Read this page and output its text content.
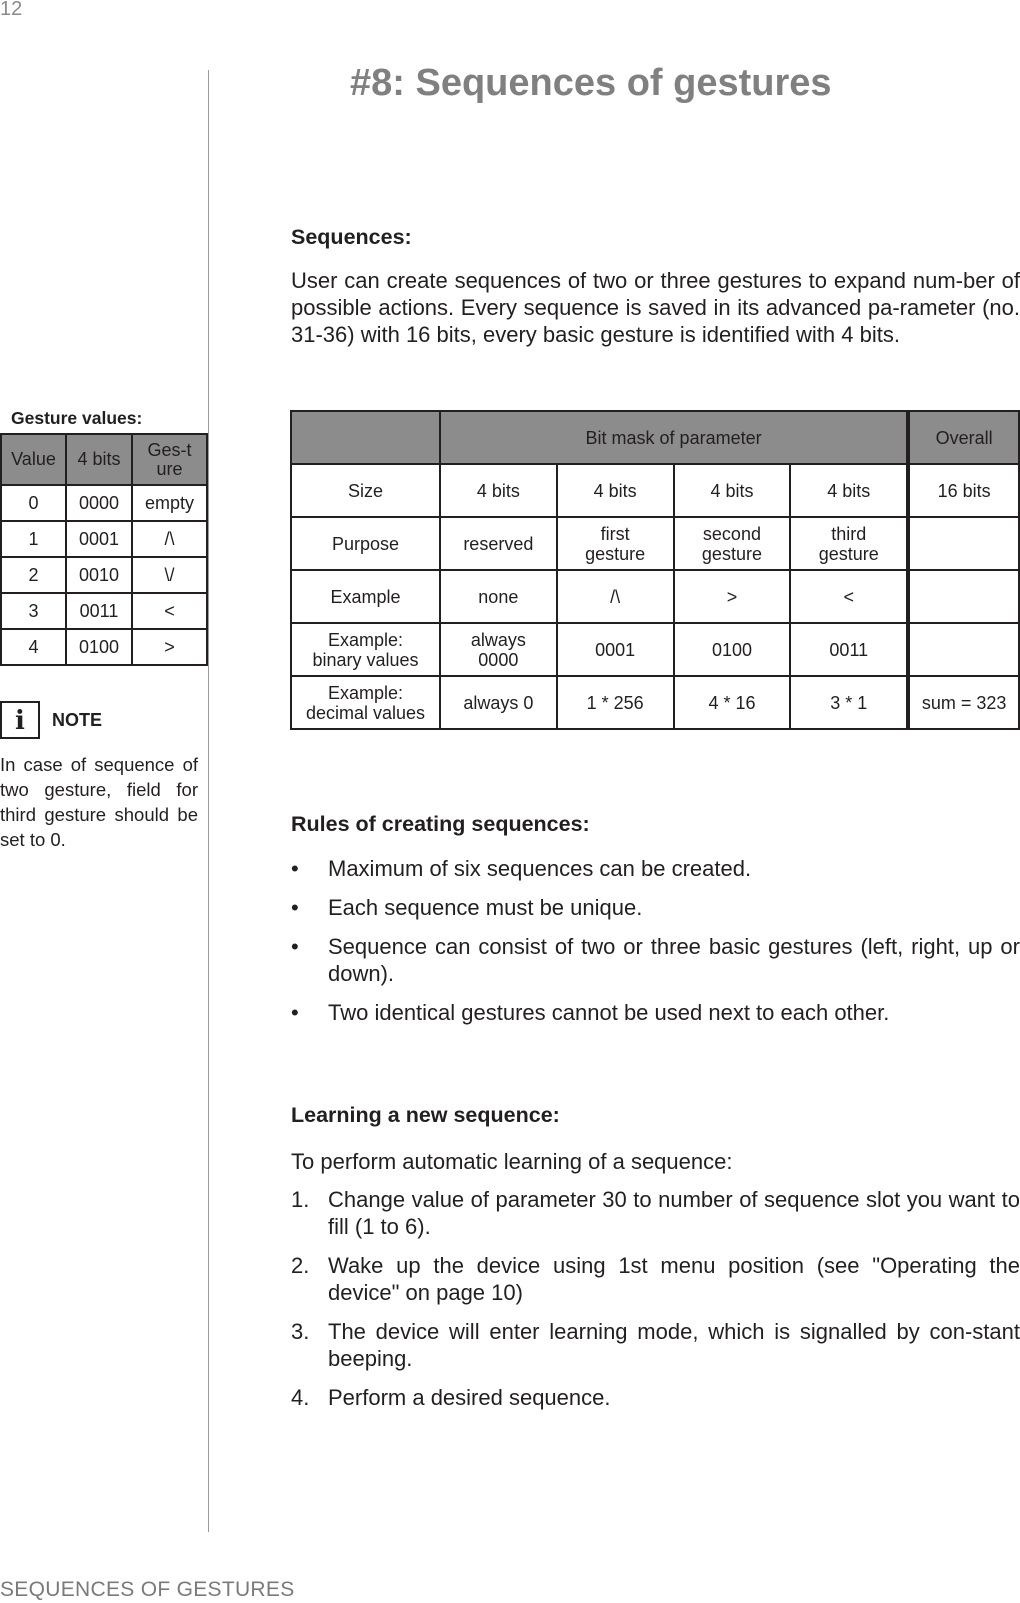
12
#8: Sequences of gestures
Gesture values:
Value	4 bits	Ges-ture
0	0000	empty
1	0001	/\
2	0010	\/
3	0011	<
4	0100	>
i	NOTE
In case of sequence of two gesture, field for third gesture should be set to 0.
Sequences:
User can create sequences of two or three gestures to expand num-ber of possible actions. Every sequence is saved in its advanced pa-rameter (no. 31-36) with 16 bits, every basic gesture is identified with 4 bits.
	Bit mask of parameter				Overall
Size	4 bits	4 bits	4 bits	4 bits	16 bits
Purpose	reserved	first gesture	second gesture	third gesture	
Example	none	/\	>	<	
Example: binary values	always 0000	0001	0100	0011	
Example: decimal values	always 0	1 * 256	4 * 16	3 * 1	sum = 323
Rules of creating sequences:
• Maximum of six sequences can be created.
• Each sequence must be unique.
• Sequence can consist of two or three basic gestures (left, right, up or down).
• Two identical gestures cannot be used next to each other.
Learning a new sequence:
To perform automatic learning of a sequence:
1. Change value of parameter 30 to number of sequence slot you want to fill (1 to 6).
2. Wake up the device using 1st menu position (see "Operating the device" on page 10)
3. The device will enter learning mode, which is signalled by con-stant beeping.
4. Perform a desired sequence.
SEQUENCES OF GESTURES
